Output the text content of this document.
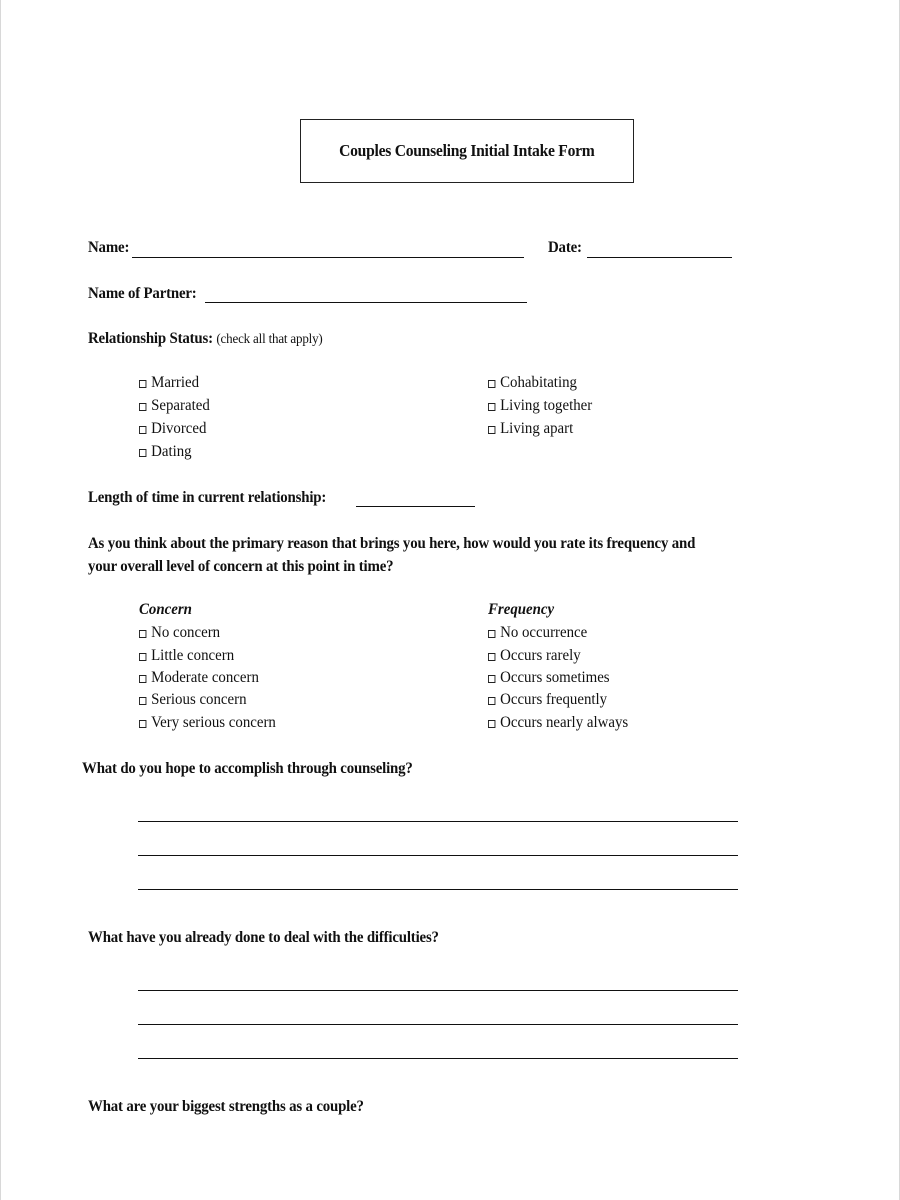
Couples Counseling Initial Intake Form
Name:	Date:
Name of Partner:
Relationship Status: (check all that apply)
Married
Separated
Divorced
Dating
Cohabitating
Living together
Living apart
Length of time in current relationship:
As you think about the primary reason that brings you here, how would you rate its frequency and
your overall level of concern at this point in time?
Concern
No concern
Little concern
Moderate concern
Serious concern
Very serious concern
Frequency
No occurrence
Occurs rarely
Occurs sometimes
Occurs frequently
Occurs nearly always
What do you hope to accomplish through counseling?
What have you already done to deal with the difficulties?
What are your biggest strengths as a couple?
